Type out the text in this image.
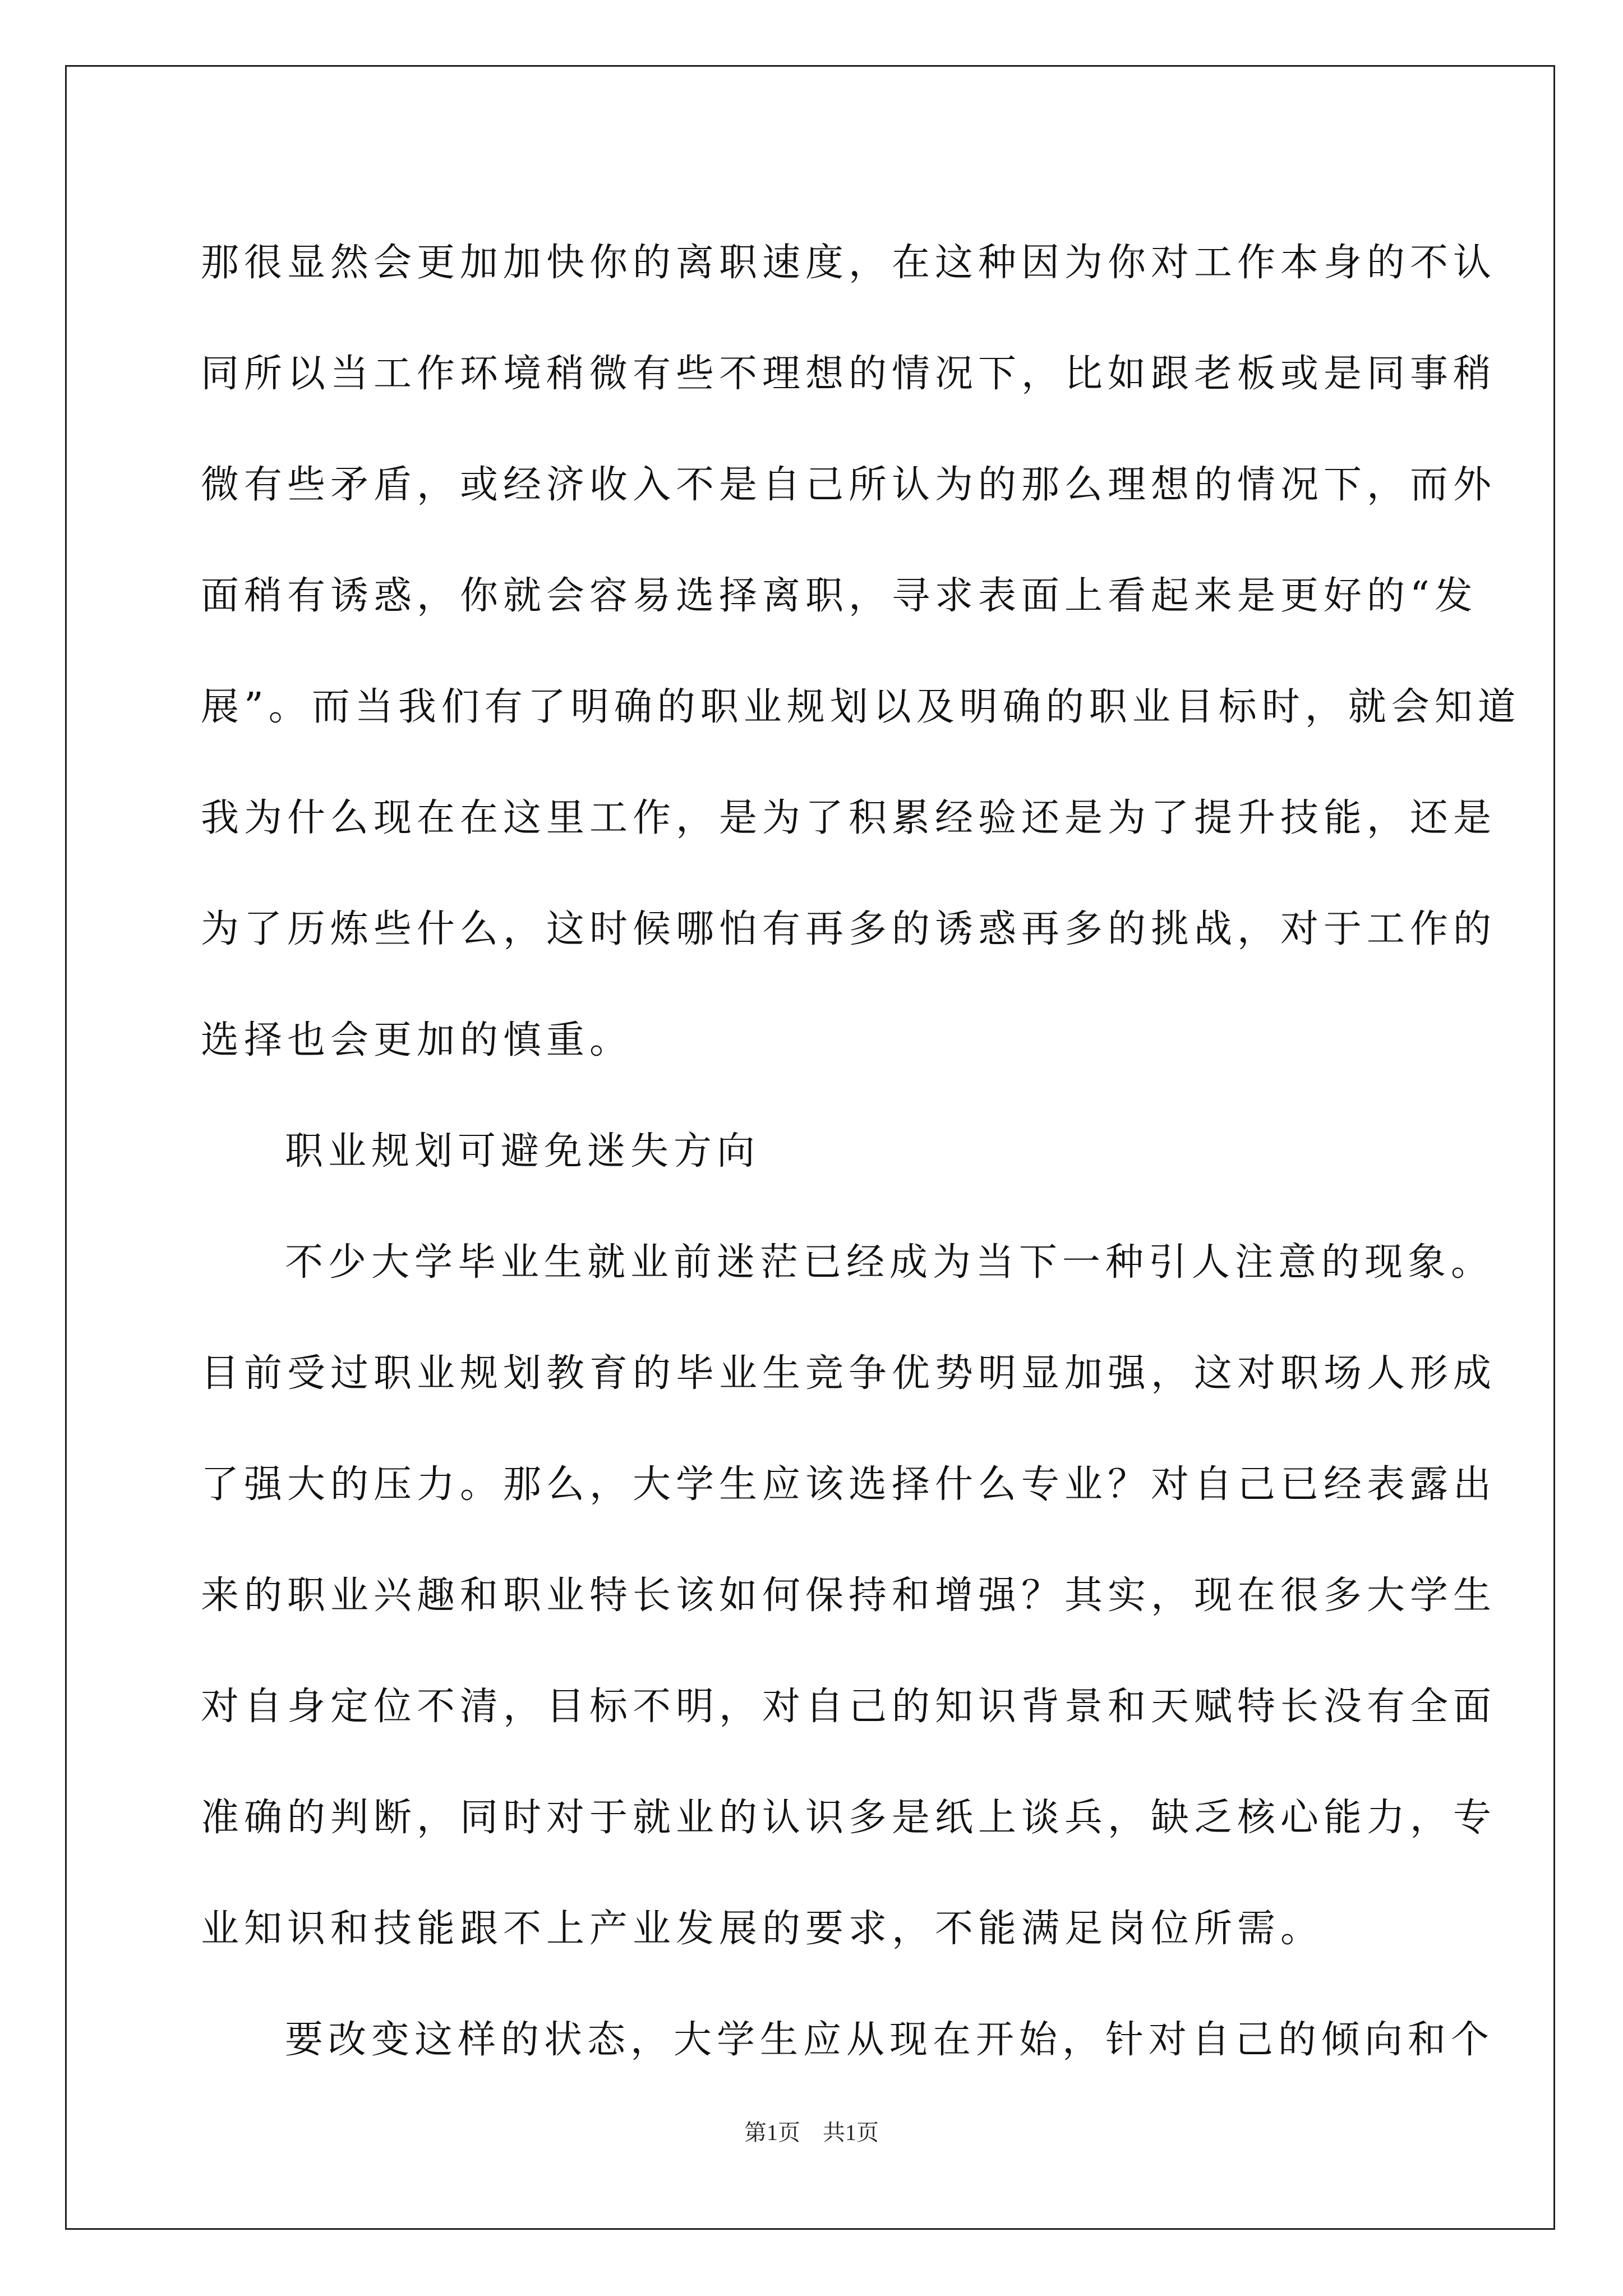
那很显然会更加加快你的离职速度，在这种因为你对工作本身的不认
同所以当工作环境稍微有些不理想的情况下，比如跟老板或是同事稍
微有些矛盾，或经济收入不是自己所认为的那么理想的情况下，而外
面稍有诱惑，你就会容易选择离职，寻求表面上看起来是更好的“发
展”。而当我们有了明确的职业规划以及明确的职业目标时，就会知道
我为什么现在在这里工作，是为了积累经验还是为了提升技能，还是
为了历炼些什么，这时候哪怕有再多的诱惑再多的挑战，对于工作的
选择也会更加的慎重。
职业规划可避免迷失方向
不少大学毕业生就业前迷茫已经成为当下一种引人注意的现象。
目前受过职业规划教育的毕业生竞争优势明显加强，这对职场人形成
了强大的压力。那么，大学生应该选择什么专业？对自己已经表露出
来的职业兴趣和职业特长该如何保持和增强？其实，现在很多大学生
对自身定位不清，目标不明，对自己的知识背景和天赋特长没有全面
准确的判断，同时对于就业的认识多是纸上谈兵，缺乏核心能力，专
业知识和技能跟不上产业发展的要求，不能满足岗位所需。
要改变这样的状态，大学生应从现在开始，针对自己的倾向和个
第1页　共1页
